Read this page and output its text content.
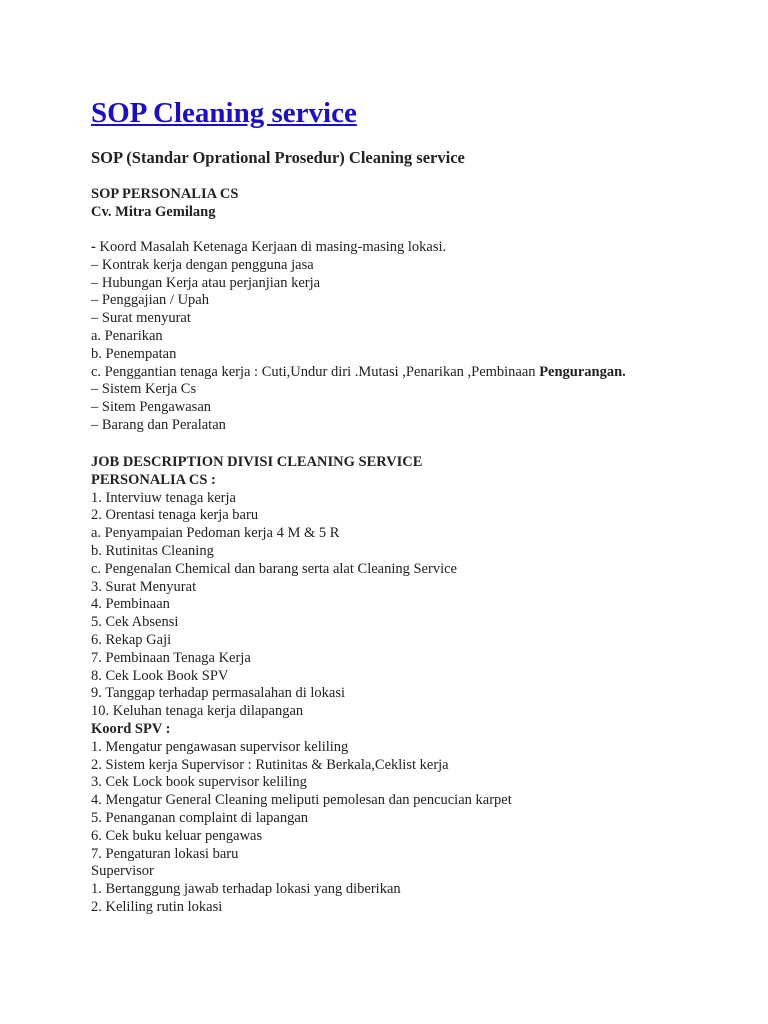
SOP Cleaning service
SOP (Standar Oprational Prosedur) Cleaning service
SOP PERSONALIA CS
Cv. Mitra Gemilang
- Koord Masalah Ketenaga Kerjaan di masing-masing lokasi.
– Kontrak kerja dengan pengguna jasa
– Hubungan Kerja atau perjanjian kerja
– Penggajian / Upah
– Surat menyurat
a. Penarikan
b. Penempatan
c. Penggantian tenaga kerja : Cuti,Undur diri .Mutasi ,Penarikan ,Pembinaan Pengurangan.
– Sistem Kerja Cs
– Sitem Pengawasan
– Barang dan Peralatan
JOB DESCRIPTION DIVISI CLEANING SERVICE
PERSONALIA CS :
1. Interviuw tenaga kerja
2. Orentasi tenaga kerja baru
a. Penyampaian Pedoman kerja 4 M & 5 R
b. Rutinitas Cleaning
c. Pengenalan Chemical dan barang serta alat Cleaning Service
3. Surat Menyurat
4. Pembinaan
5. Cek Absensi
6. Rekap Gaji
7. Pembinaan Tenaga Kerja
8. Cek Look Book SPV
9. Tanggap terhadap permasalahan di lokasi
10. Keluhan tenaga kerja dilapangan
Koord SPV :
1. Mengatur pengawasan supervisor keliling
2. Sistem kerja Supervisor : Rutinitas & Berkala,Ceklist kerja
3. Cek Lock book supervisor keliling
4. Mengatur General Cleaning meliputi pemolesan dan pencucian karpet
5. Penanganan complaint di lapangan
6. Cek buku keluar pengawas
7. Pengaturan lokasi baru
Supervisor
1. Bertanggung jawab terhadap lokasi yang diberikan
2. Keliling rutin lokasi
